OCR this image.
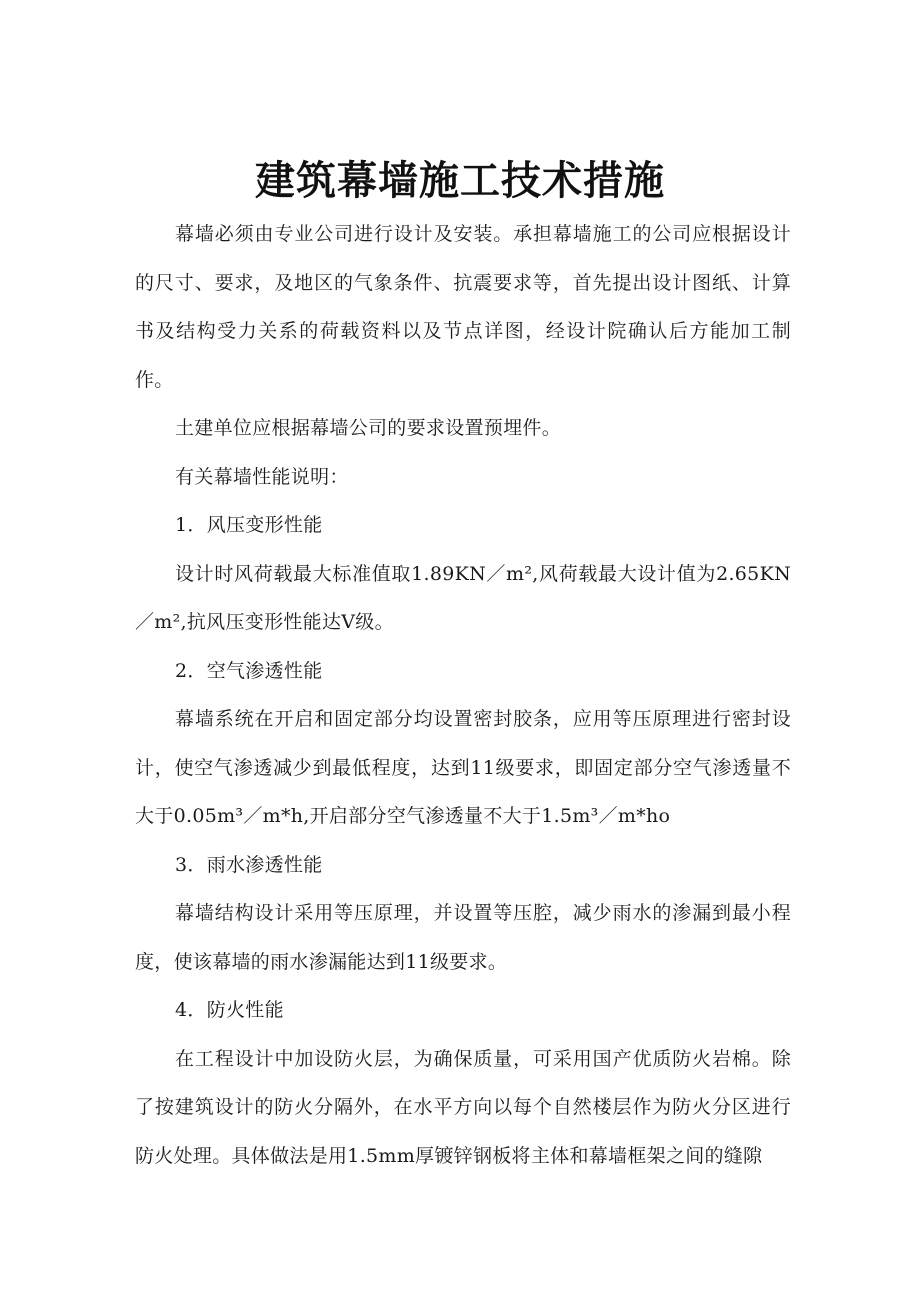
建筑幕墙施工技术措施

幕墙必须由专业公司进行设计及安装。承担幕墙施工的公司应根据设计的尺寸、要求，及地区的气象条件、抗震要求等，首先提出设计图纸、计算书及结构受力关系的荷载资料以及节点详图，经设计院确认后方能加工制作。

土建单位应根据幕墙公司的要求设置预埋件。

有关幕墙性能说明：

1．风压变形性能

设计时风荷载最大标准值取1.89KN／m²,风荷载最大设计值为2.65KN／m²,抗风压变形性能达V级。

2．空气渗透性能

幕墙系统在开启和固定部分均设置密封胶条，应用等压原理进行密封设计，使空气渗透减少到最低程度，达到11级要求，即固定部分空气渗透量不大于0.05m³／m*h,开启部分空气渗透量不大于1.5m³／m*ho

3．雨水渗透性能

幕墙结构设计采用等压原理，并设置等压腔，减少雨水的渗漏到最小程度，使该幕墙的雨水渗漏能达到11级要求。

4．防火性能

在工程设计中加设防火层，为确保质量，可采用国产优质防火岩棉。除了按建筑设计的防火分隔外，在水平方向以每个自然楼层作为防火分区进行防火处理。具体做法是用1.5mm厚镀锌钢板将主体和幕墙框架之间的缝隙
